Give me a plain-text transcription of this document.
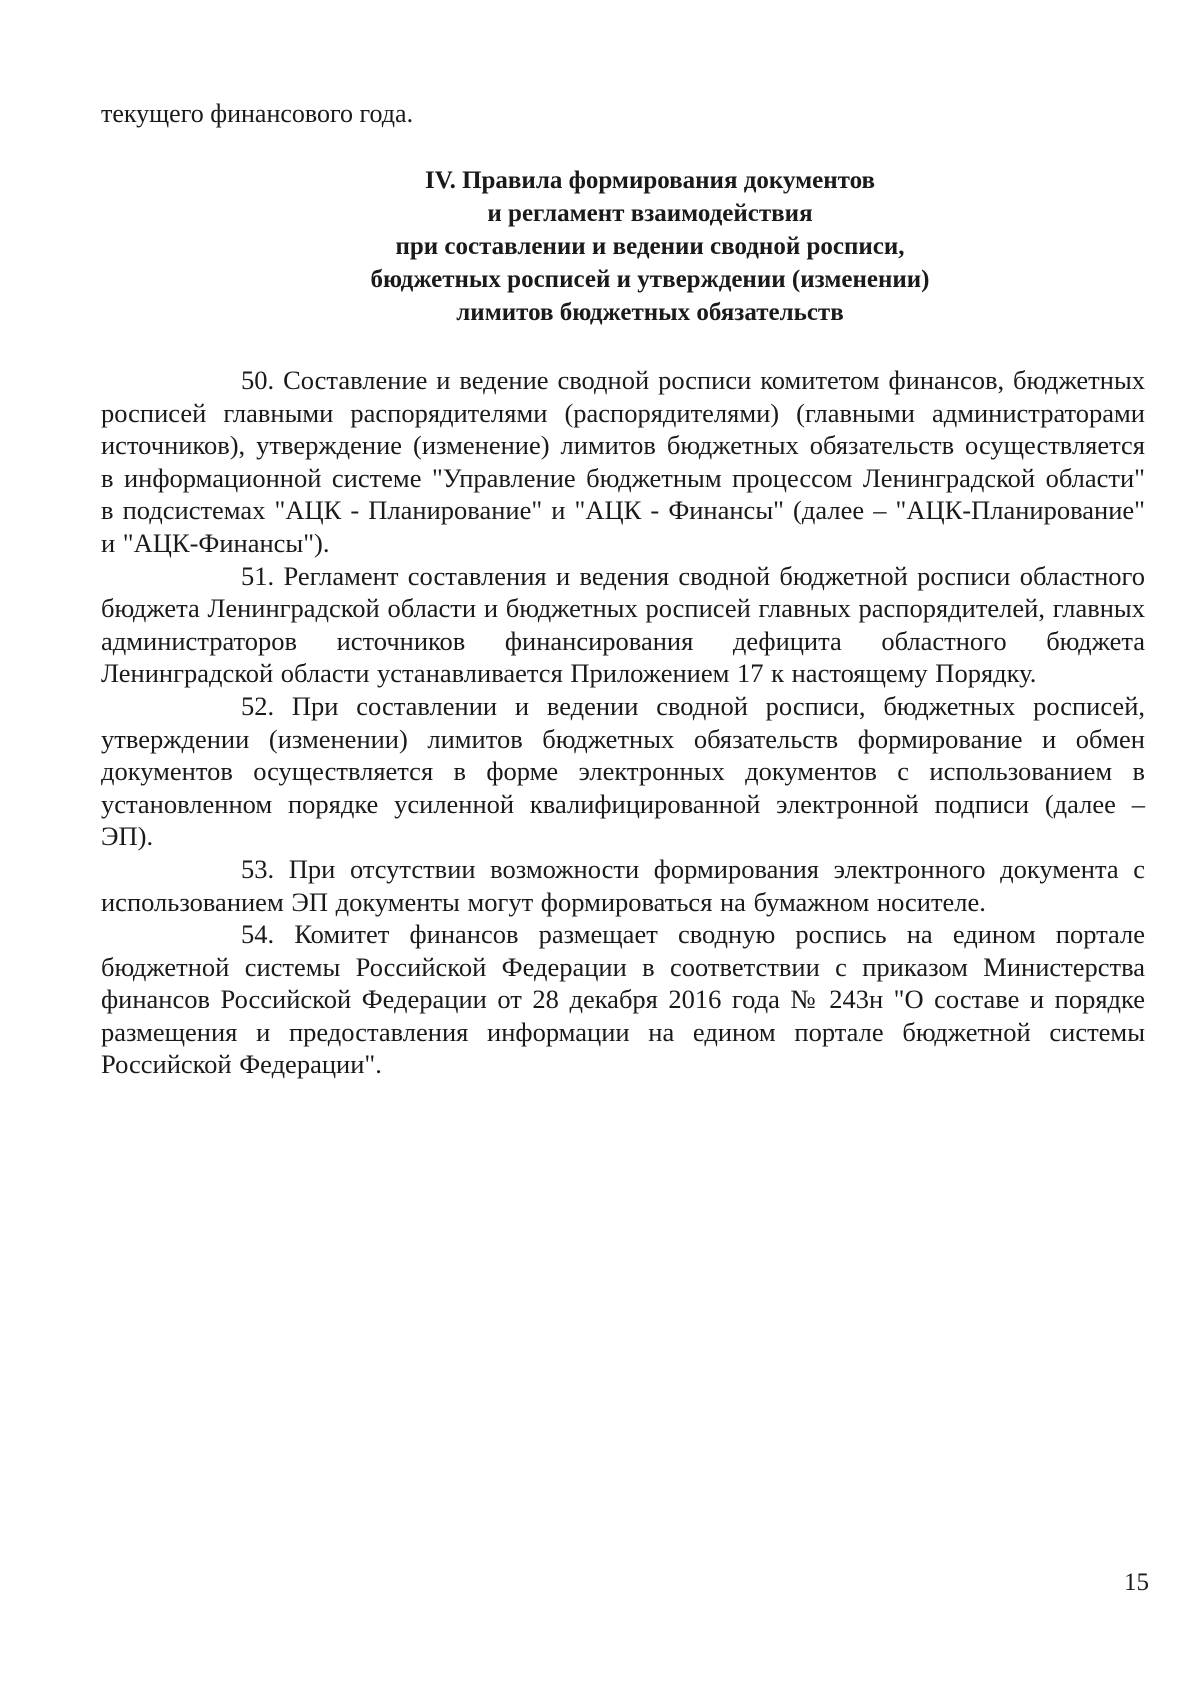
текущего финансового года.

IV. Правила формирования документов
и регламент взаимодействия
при составлении и ведении сводной росписи,
бюджетных росписей и утверждении (изменении)
лимитов бюджетных обязательств

50. Составление и ведение сводной росписи комитетом финансов, бюджетных росписей главными распорядителями (распорядителями) (главными администраторами источников), утверждение (изменение) лимитов бюджетных обязательств осуществляется в информационной системе "Управление бюджетным процессом Ленинградской области" в подсистемах "АЦК - Планирование" и "АЦК - Финансы" (далее – "АЦК-Планирование" и "АЦК-Финансы").

51. Регламент составления и ведения сводной бюджетной росписи областного бюджета Ленинградской области и бюджетных росписей главных распорядителей, главных администраторов источников финансирования дефицита областного бюджета Ленинградской области устанавливается Приложением 17 к настоящему Порядку.

52. При составлении и ведении сводной росписи, бюджетных росписей, утверждении (изменении) лимитов бюджетных обязательств формирование и обмен документов осуществляется в форме электронных документов с использованием в установленном порядке усиленной квалифицированной электронной подписи (далее – ЭП).

53. При отсутствии возможности формирования электронного документа с использованием ЭП документы могут формироваться на бумажном носителе.

54. Комитет финансов размещает сводную роспись на едином портале бюджетной системы Российской Федерации в соответствии с приказом Министерства финансов Российской Федерации от 28 декабря 2016 года № 243н "О составе и порядке размещения и предоставления информации на едином портале бюджетной системы Российской Федерации".

15
